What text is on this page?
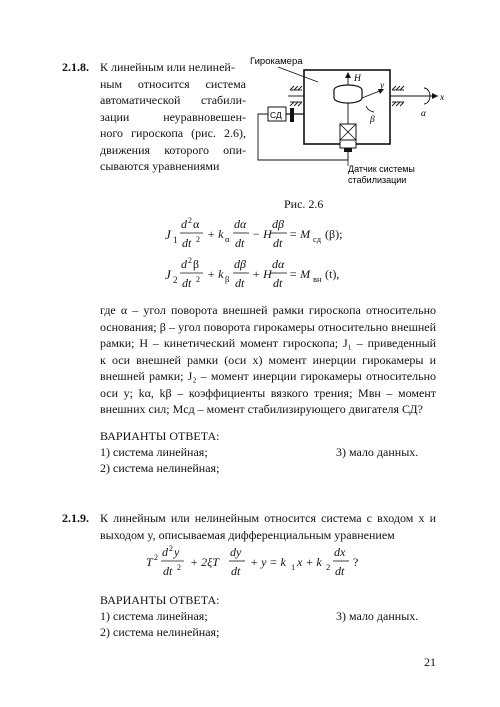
2.1.8. К линейным или нелиней-
ным относится система
автоматической стабили-
зации неуравновешен-
ного гироскопа (рис. 2.6),
движения которого опи-
сываются уравнениями
Гирокамера
x
α
СД
H
y
β
Датчик системы
стабилизации
Рис. 2.6
J 1
d 2 α
dt 2 + k α
dα
dt
− H
dβ
dt
= M сд (β);
J 2
d 2 β
dt 2 + k β
dβ
dt
+ H
dα
dt
= M вн (t),
где α – угол поворота внешней рамки гироскопа относительно
основания; β – угол поворота гирокамеры относительно внешней
рамки; H – кинетический момент гироскопа; J₁ – приведенный
к оси внешней рамки (оси x) момент инерции гирокамеры и
внешней рамки; J₂ – момент инерции гирокамеры относительно
оси y; kα, kβ – коэффициенты вязкого трения; Mвн – момент
внешних сил; Mсд – момент стабилизирующего двигателя СД?
ВАРИАНТЫ ОТВЕТА:
1) система линейная;
2) система нелинейная;
3) мало данных.
2.1.9. К линейным или нелинейным относится система с входом x и
выходом y, описываемая дифференциальным уравнением
T 2 d 2 y
dt 2 + 2ξT
dy
dt
+ y = k 1 x + k 2
dx
dt
?
ВАРИАНТЫ ОТВЕТА:
1) система линейная;
2) система нелинейная;
3) мало данных.
21
